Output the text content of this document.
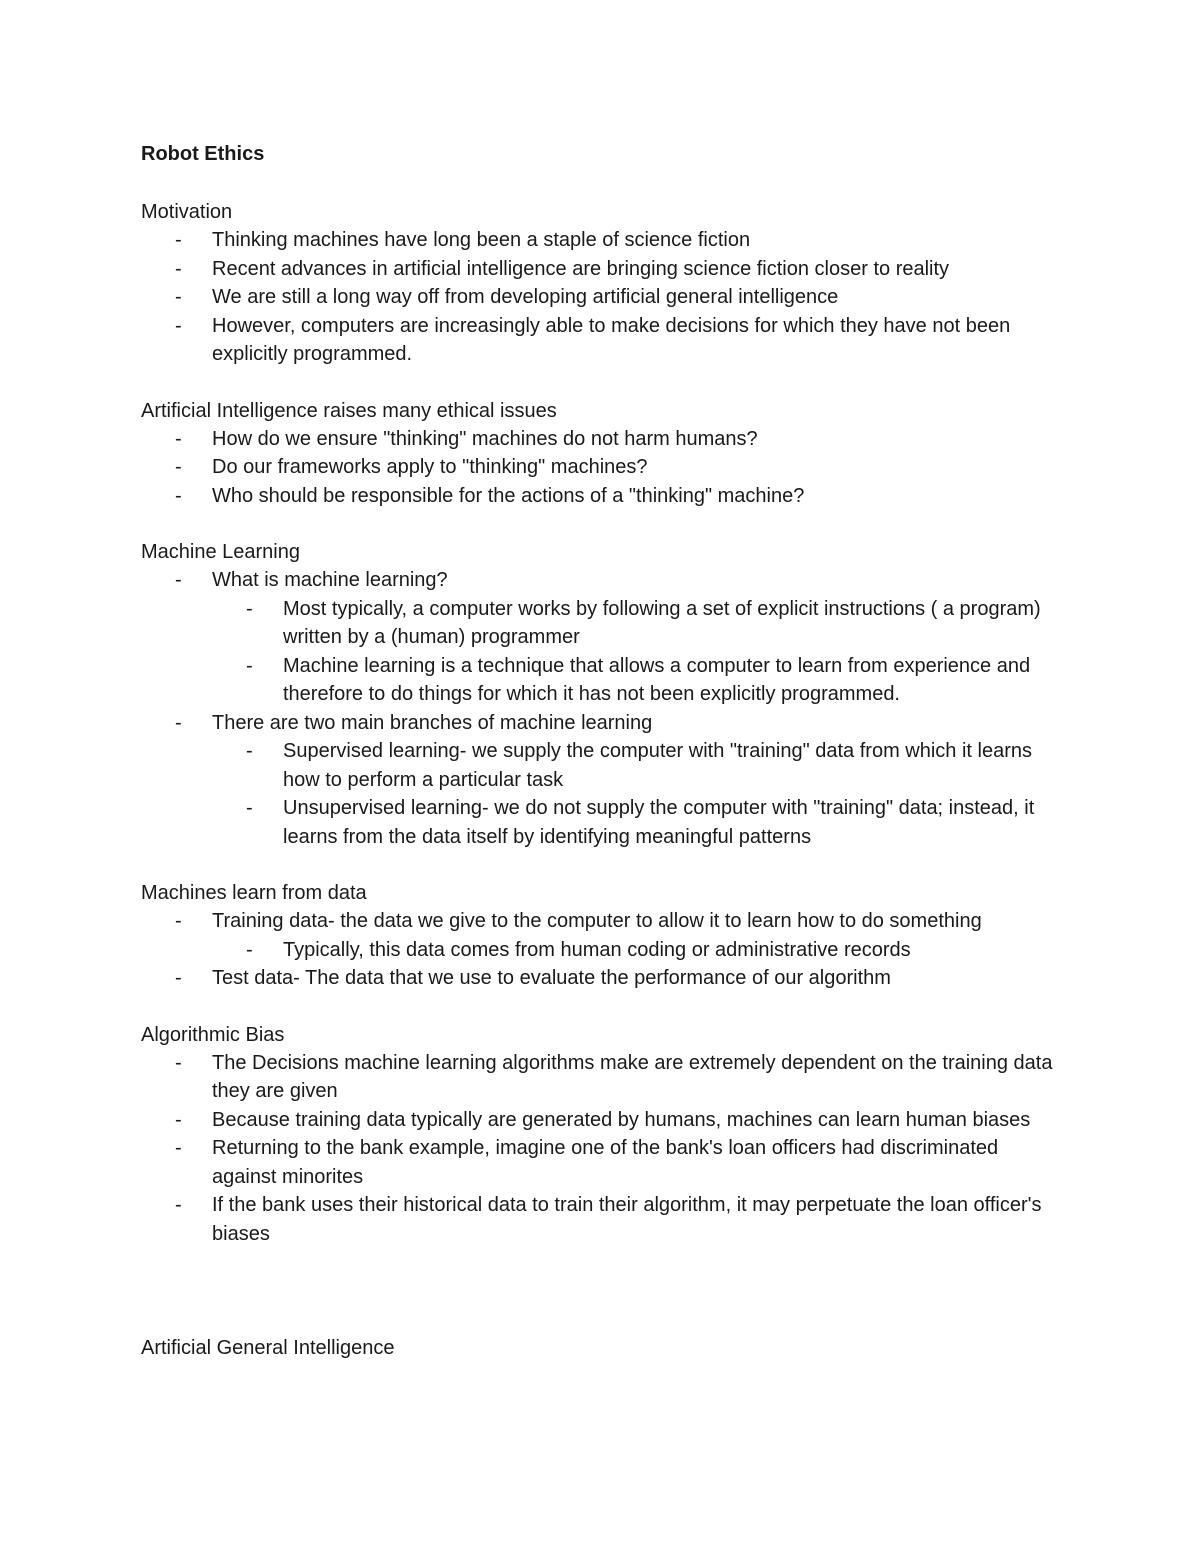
Robot Ethics
Motivation
- Thinking machines have long been a staple of science fiction
- Recent advances in artificial intelligence are bringing science fiction closer to reality
- We are still a long way off from developing artificial general intelligence
- However, computers are increasingly able to make decisions for which they have not been explicitly programmed.
Artificial Intelligence raises many ethical issues
- How do we ensure "thinking" machines do not harm humans?
- Do our frameworks apply to "thinking" machines?
- Who should be responsible for the actions of a "thinking" machine?
Machine Learning
- What is machine learning?
- Most typically, a computer works by following a set of explicit instructions ( a program) written by a (human) programmer
- Machine learning is a technique that allows a computer to learn from experience and therefore to do things for which it has not been explicitly programmed.
- There are two main branches of machine learning
- Supervised learning- we supply the computer with "training" data from which it learns how to perform a particular task
- Unsupervised learning- we do not supply the computer with "training" data; instead, it learns from the data itself by identifying meaningful patterns
Machines learn from data
- Training data- the data we give to the computer to allow it to learn how to do something
- Typically, this data comes from human coding or administrative records
- Test data- The data that we use to evaluate the performance of our algorithm
Algorithmic Bias
- The Decisions machine learning algorithms make are extremely dependent on the training data they are given
- Because training data typically are generated by humans, machines can learn human biases
- Returning to the bank example, imagine one of the bank's loan officers had discriminated against minorites
- If the bank uses their historical data to train their algorithm, it may perpetuate the loan officer's biases
Artificial General Intelligence
